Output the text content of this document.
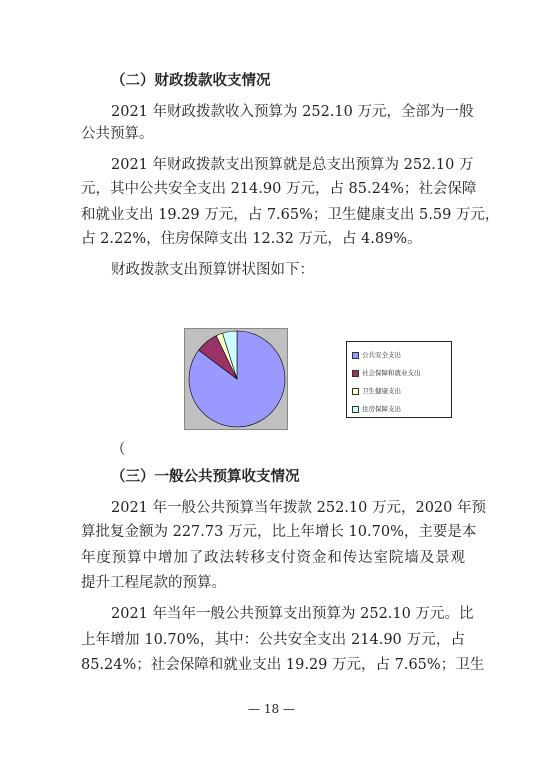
（二）财政拨款收支情况
2021 年财政拨款收入预算为 252.10 万元，全部为一般
公共预算。
2021 年财政拨款支出预算就是总支出预算为 252.10 万
元，其中公共安全支出 214.90 万元，占 85.24%；社会保障
和就业支出 19.29 万元，占 7.65%；卫生健康支出 5.59 万元，
占 2.22%，住房保障支出 12.32 万元，占 4.89%。
财政拨款支出预算饼状图如下：
公共安全支出
社会保障和就业支出
卫生健康支出
住房保障支出
（
（三）一般公共预算收支情况
2021 年一般公共预算当年拨款 252.10 万元，2020 年预
算批复金额为 227.73 万元，比上年增长 10.70%，主要是本
年度预算中增加了政法转移支付资金和传达室院墙及景观
提升工程尾款的预算。
2021 年当年一般公共预算支出预算为 252.10 万元。比
上年增加 10.70%，其中：公共安全支出 214.90 万元，占
85.24%；社会保障和就业支出 19.29 万元，占 7.65%；卫生
— 18 —
